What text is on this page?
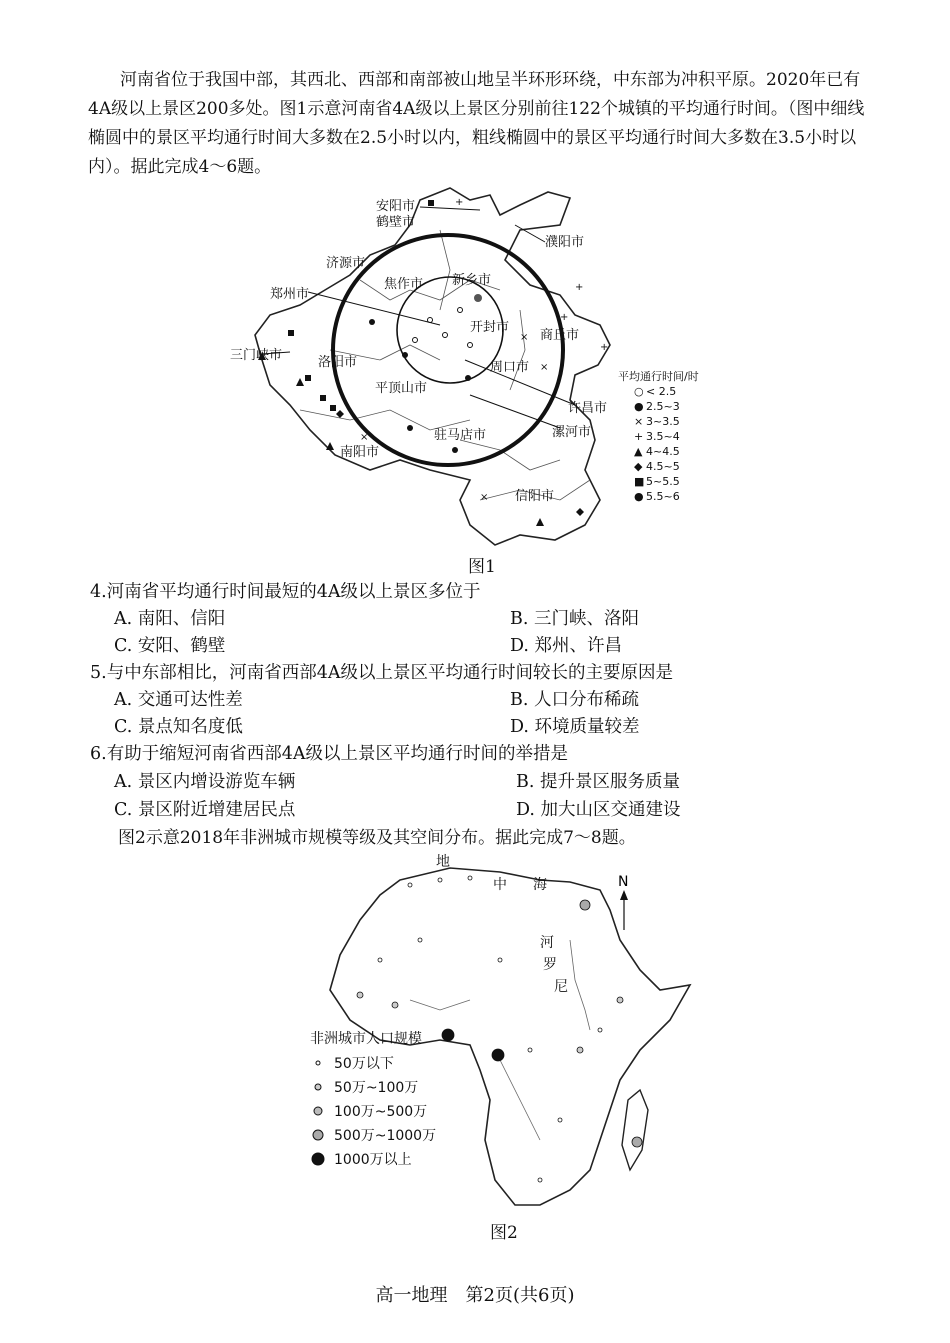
河南省位于我国中部，其西北、西部和南部被山地呈半环形环绕，中东部为冲积平原。2020年已有4A级以上景区200多处。图1示意河南省4A级以上景区分别前往122个城镇的平均通行时间。（图中细线椭圆中的景区平均通行时间大多数在2.5小时以内，粗线椭圆中的景区平均通行时间大多数在3.5小时以内）。据此完成4～6题。

×
×
×
×
+
+
+
+
安阳市
鹤壁市
濮阳市
济源市
郑州市
焦作市 新乡市
开封市
商丘市
三门峡市	洛阳市	周口市
平顶山市
许昌市
漯河市
驻马店市
南阳市
信阳市
平均通行时间/时
○ < 2.5
● 2.5~3
× 3~3.5
+ 3.5~4
▲ 4~4.5
◆ 4.5~5
■ 5~5.5
● 5.5~6
图1
4.河南省平均通行时间最短的4A级以上景区多位于
A. 南阳、信阳	B. 三门峡、洛阳
C. 安阳、鹤壁	D. 郑州、许昌
5.与中东部相比，河南省西部4A级以上景区平均通行时间较长的主要原因是
A. 交通可达性差	B. 人口分布稀疏
C. 景点知名度低	D. 环境质量较差
6.有助于缩短河南省西部4A级以上景区平均通行时间的举措是
A. 景区内增设游览车辆	B. 提升景区服务质量
C. 景区附近增建居民点	D. 加大山区交通建设
图2示意2018年非洲城市规模等级及其空间分布。据此完成7～8题。
地
中 海
河
罗
尼
N
非洲城市人口规模
50万以下
50万~100万
100万~500万
500万~1000万
1000万以上
图2
高一地理　第2页(共6页)
